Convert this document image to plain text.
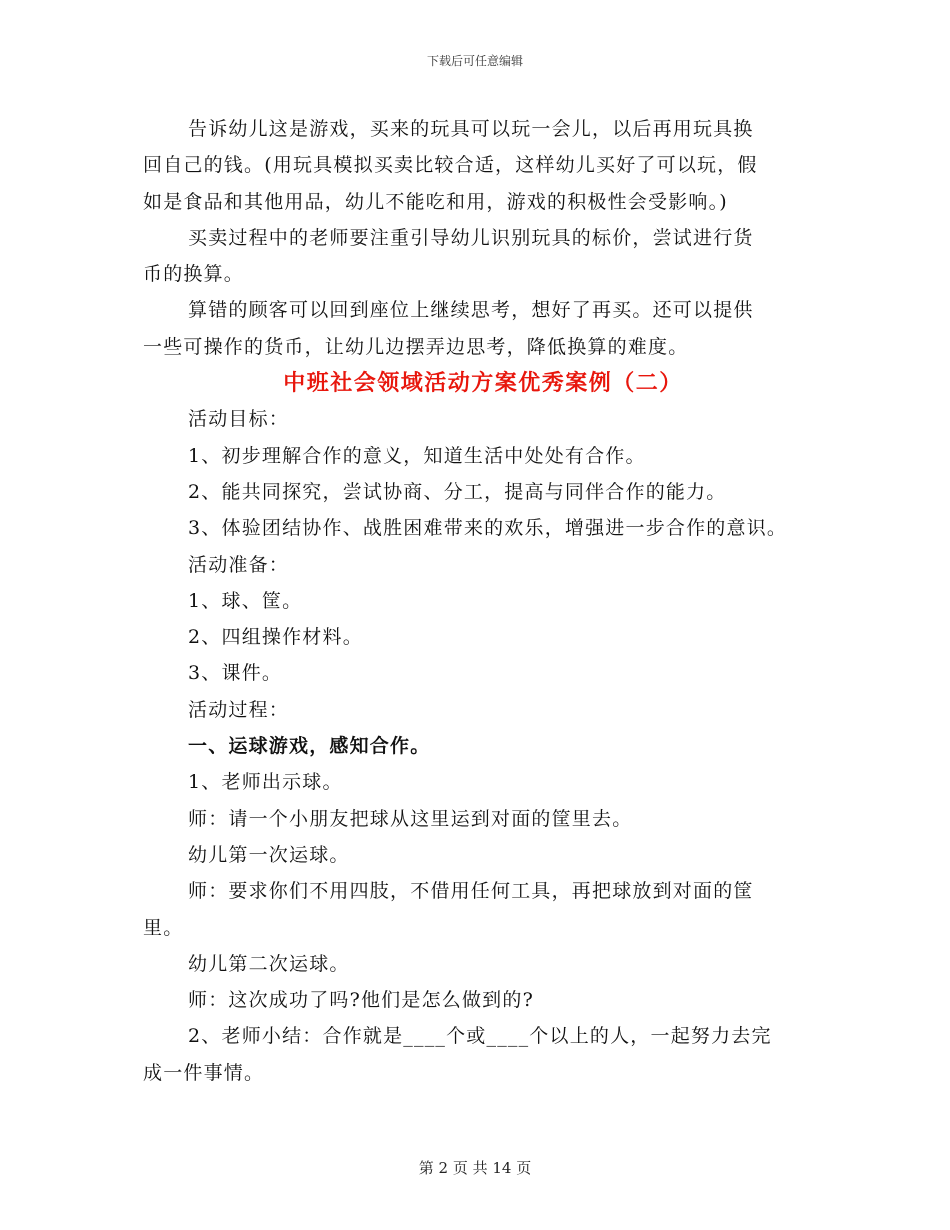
下载后可任意编辑
告诉幼儿这是游戏，买来的玩具可以玩一会儿，以后再用玩具换
回自己的钱。(用玩具模拟买卖比较合适，这样幼儿买好了可以玩，假
如是食品和其他用品，幼儿不能吃和用，游戏的积极性会受影响。)
买卖过程中的老师要注重引导幼儿识别玩具的标价，尝试进行货
币的换算。
算错的顾客可以回到座位上继续思考，想好了再买。还可以提供
一些可操作的货币，让幼儿边摆弄边思考，降低换算的难度。
中班社会领域活动方案优秀案例（二）
活动目标：
1、初步理解合作的意义，知道生活中处处有合作。
2、能共同探究，尝试协商、分工，提高与同伴合作的能力。
3、体验团结协作、战胜困难带来的欢乐，增强进一步合作的意识。
活动准备：
1、球、筐。
2、四组操作材料。
3、课件。
活动过程：
一、运球游戏，感知合作。
1、老师出示球。
师：请一个小朋友把球从这里运到对面的筐里去。
幼儿第一次运球。
师：要求你们不用四肢，不借用任何工具，再把球放到对面的筐
里。
幼儿第二次运球。
师：这次成功了吗?他们是怎么做到的?
2、老师小结：合作就是____个或____个以上的人，一起努力去完
成一件事情。
第 2 页 共 14 页
